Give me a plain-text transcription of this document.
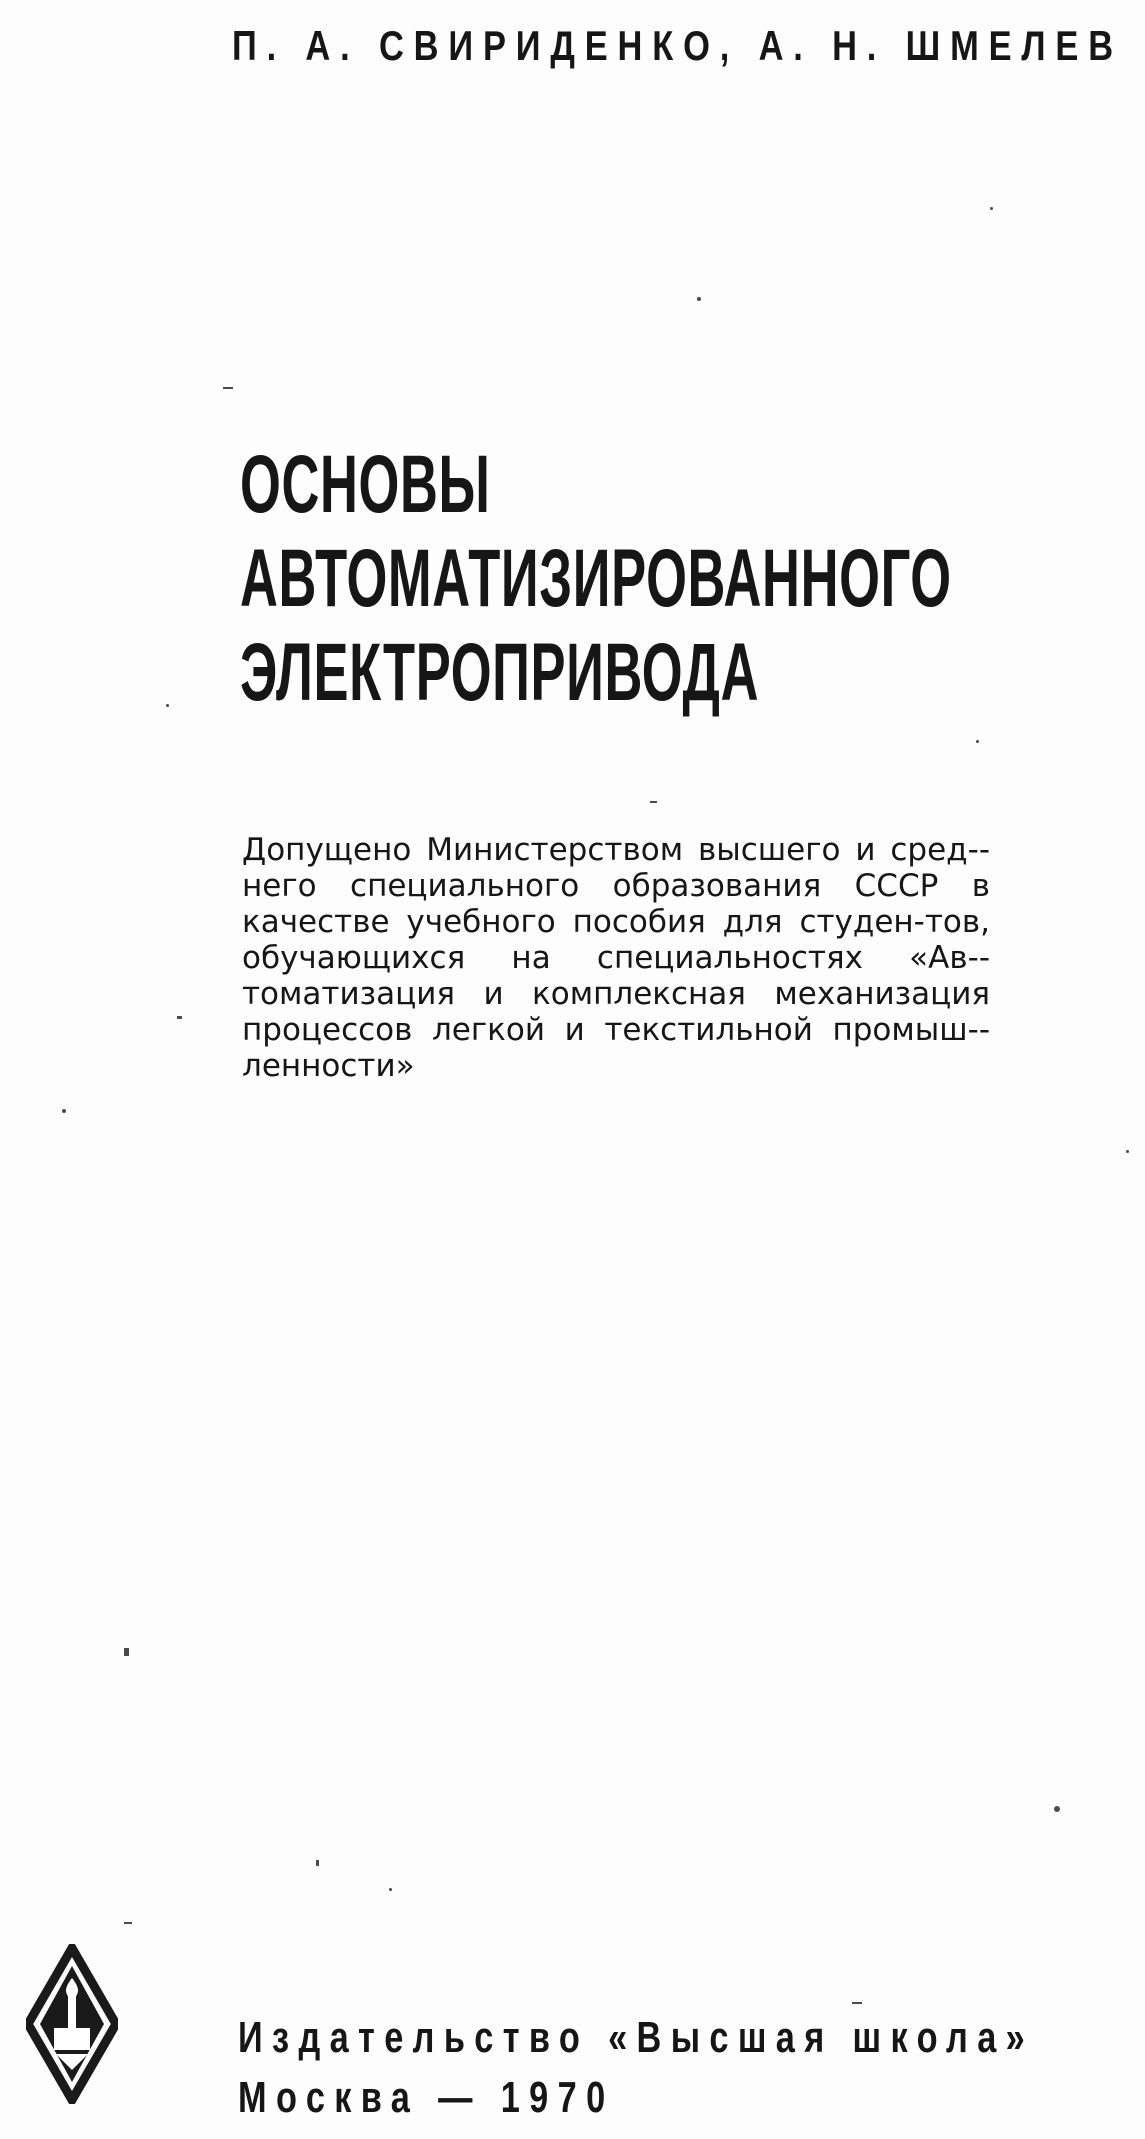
П. А. СВИРИДЕНКО, А. Н. ШМЕЛЕВ
ОСНОВЫ
АВТОМАТИЗИРОВАННОГО
ЭЛЕКТРОПРИВОДА
Допущено Министерством высшего и сред-него специального образования СССР в качестве учебного пособия для студен-тов, обучающихся на специальностях «Ав-томатизация и комплексная механизация процессов легкой и текстильной промыш-ленности»
Издательство «Высшая школа»
Москва — 1970
